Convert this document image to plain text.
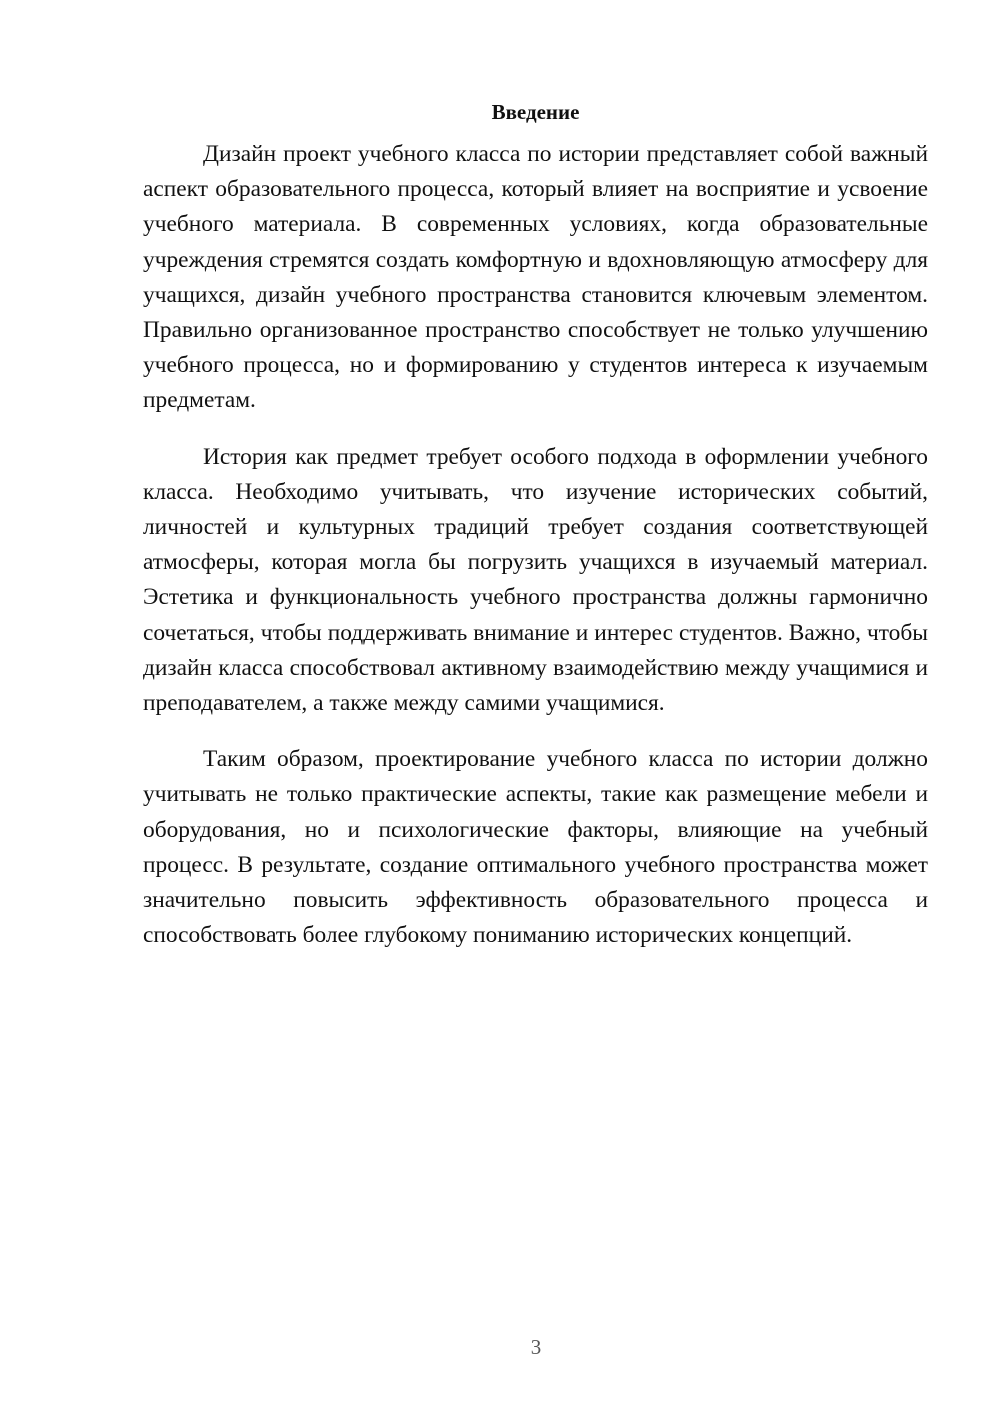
Введение

Дизайн проект учебного класса по истории представляет собой важный аспект образовательного процесса, который влияет на восприятие и усвоение учебного материала. В современных условиях, когда образовательные учреждения стремятся создать комфортную и вдохновляющую атмосферу для учащихся, дизайн учебного пространства становится ключевым элементом. Правильно организованное пространство способствует не только улучшению учебного процесса, но и формированию у студентов интереса к изучаемым предметам.

История как предмет требует особого подхода в оформлении учебного класса. Необходимо учитывать, что изучение исторических событий, личностей и культурных традиций требует создания соответствующей атмосферы, которая могла бы погрузить учащихся в изучаемый материал. Эстетика и функциональность учебного пространства должны гармонично сочетаться, чтобы поддерживать внимание и интерес студентов. Важно, чтобы дизайн класса способствовал активному взаимодействию между учащимися и преподавателем, а также между самими учащимися.

Таким образом, проектирование учебного класса по истории должно учитывать не только практические аспекты, такие как размещение мебели и оборудования, но и психологические факторы, влияющие на учебный процесс. В результате, создание оптимального учебного пространства может значительно повысить эффективность образовательного процесса и способствовать более глубокому пониманию исторических концепций.

3
